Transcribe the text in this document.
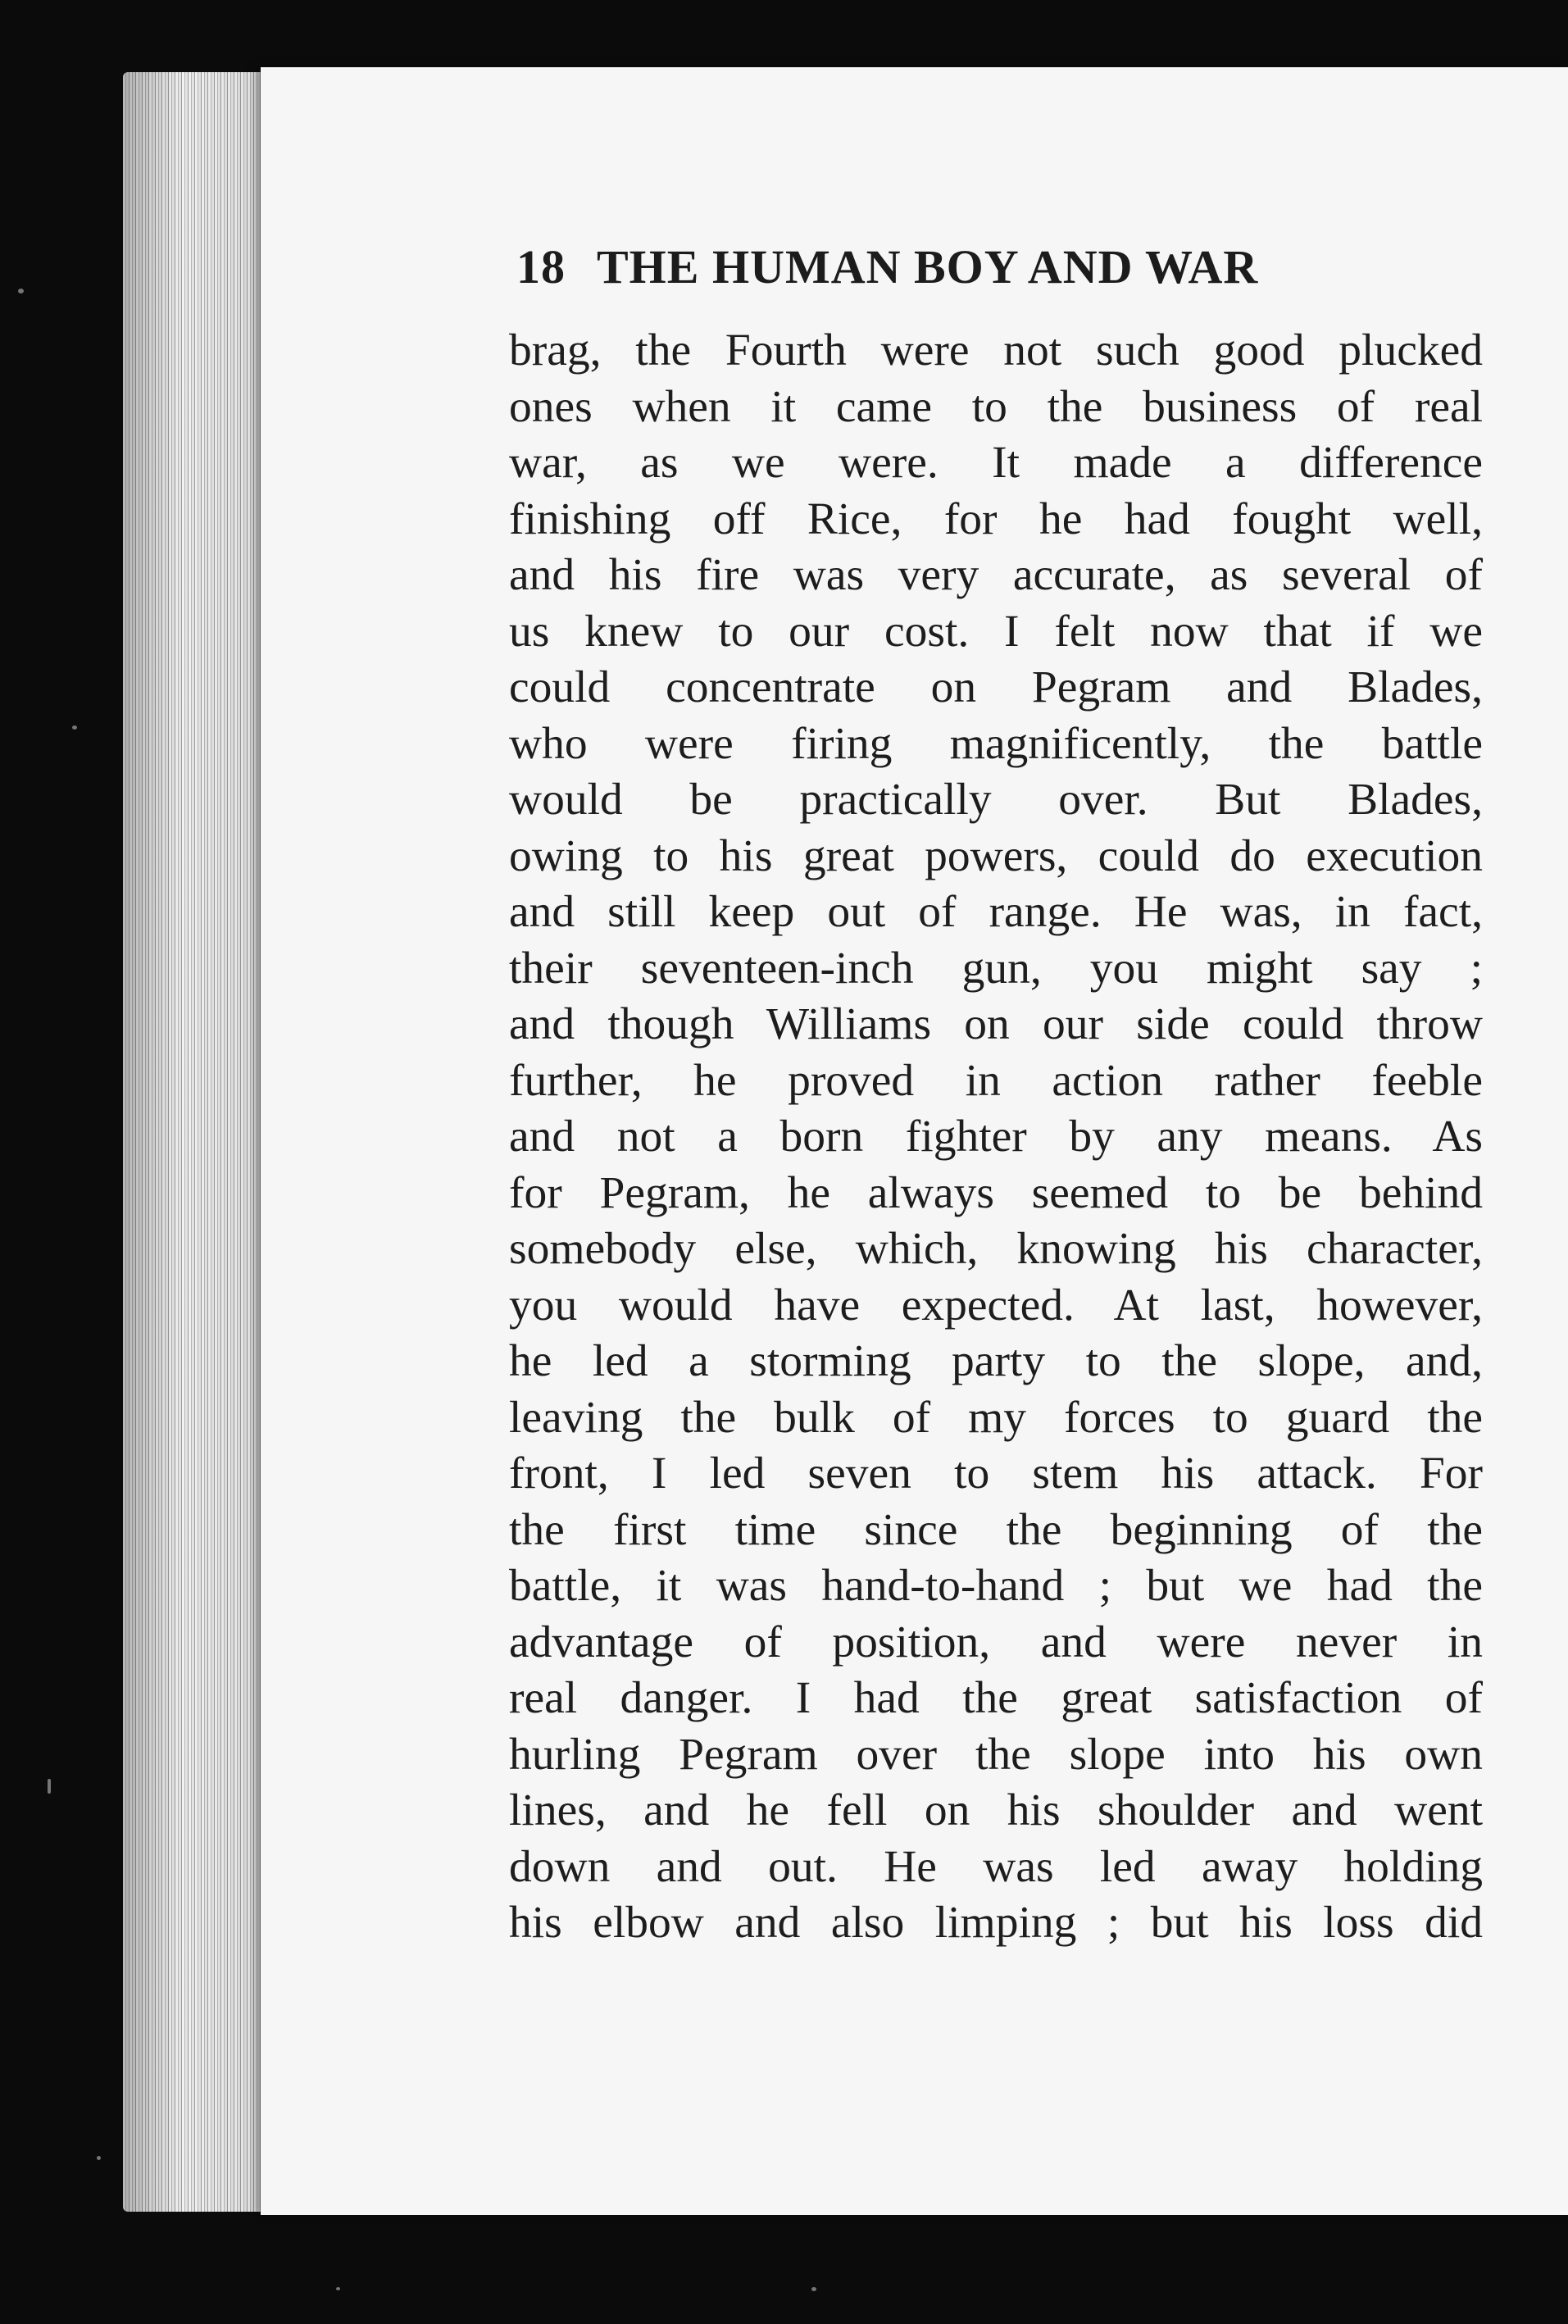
18 THE HUMAN BOY AND WAR
brag, the Fourth were not such good plucked
ones when it came to the business of real
war, as we were. It made a difference
finishing off Rice, for he had fought well,
and his fire was very accurate, as several of
us knew to our cost. I felt now that if we
could concentrate on Pegram and Blades,
who were firing magnificently, the battle
would be practically over. But Blades,
owing to his great powers, could do execution
and still keep out of range. He was, in fact,
their seventeen-inch gun, you might say ;
and though Williams on our side could throw
further, he proved in action rather feeble
and not a born fighter by any means. As
for Pegram, he always seemed to be behind
somebody else, which, knowing his character,
you would have expected. At last, however,
he led a storming party to the slope, and,
leaving the bulk of my forces to guard the
front, I led seven to stem his attack. For
the first time since the beginning of the
battle, it was hand-to-hand ; but we had the
advantage of position, and were never in
real danger. I had the great satisfaction of
hurling Pegram over the slope into his own
lines, and he fell on his shoulder and went
down and out. He was led away holding
his elbow and also limping ; but his loss did
